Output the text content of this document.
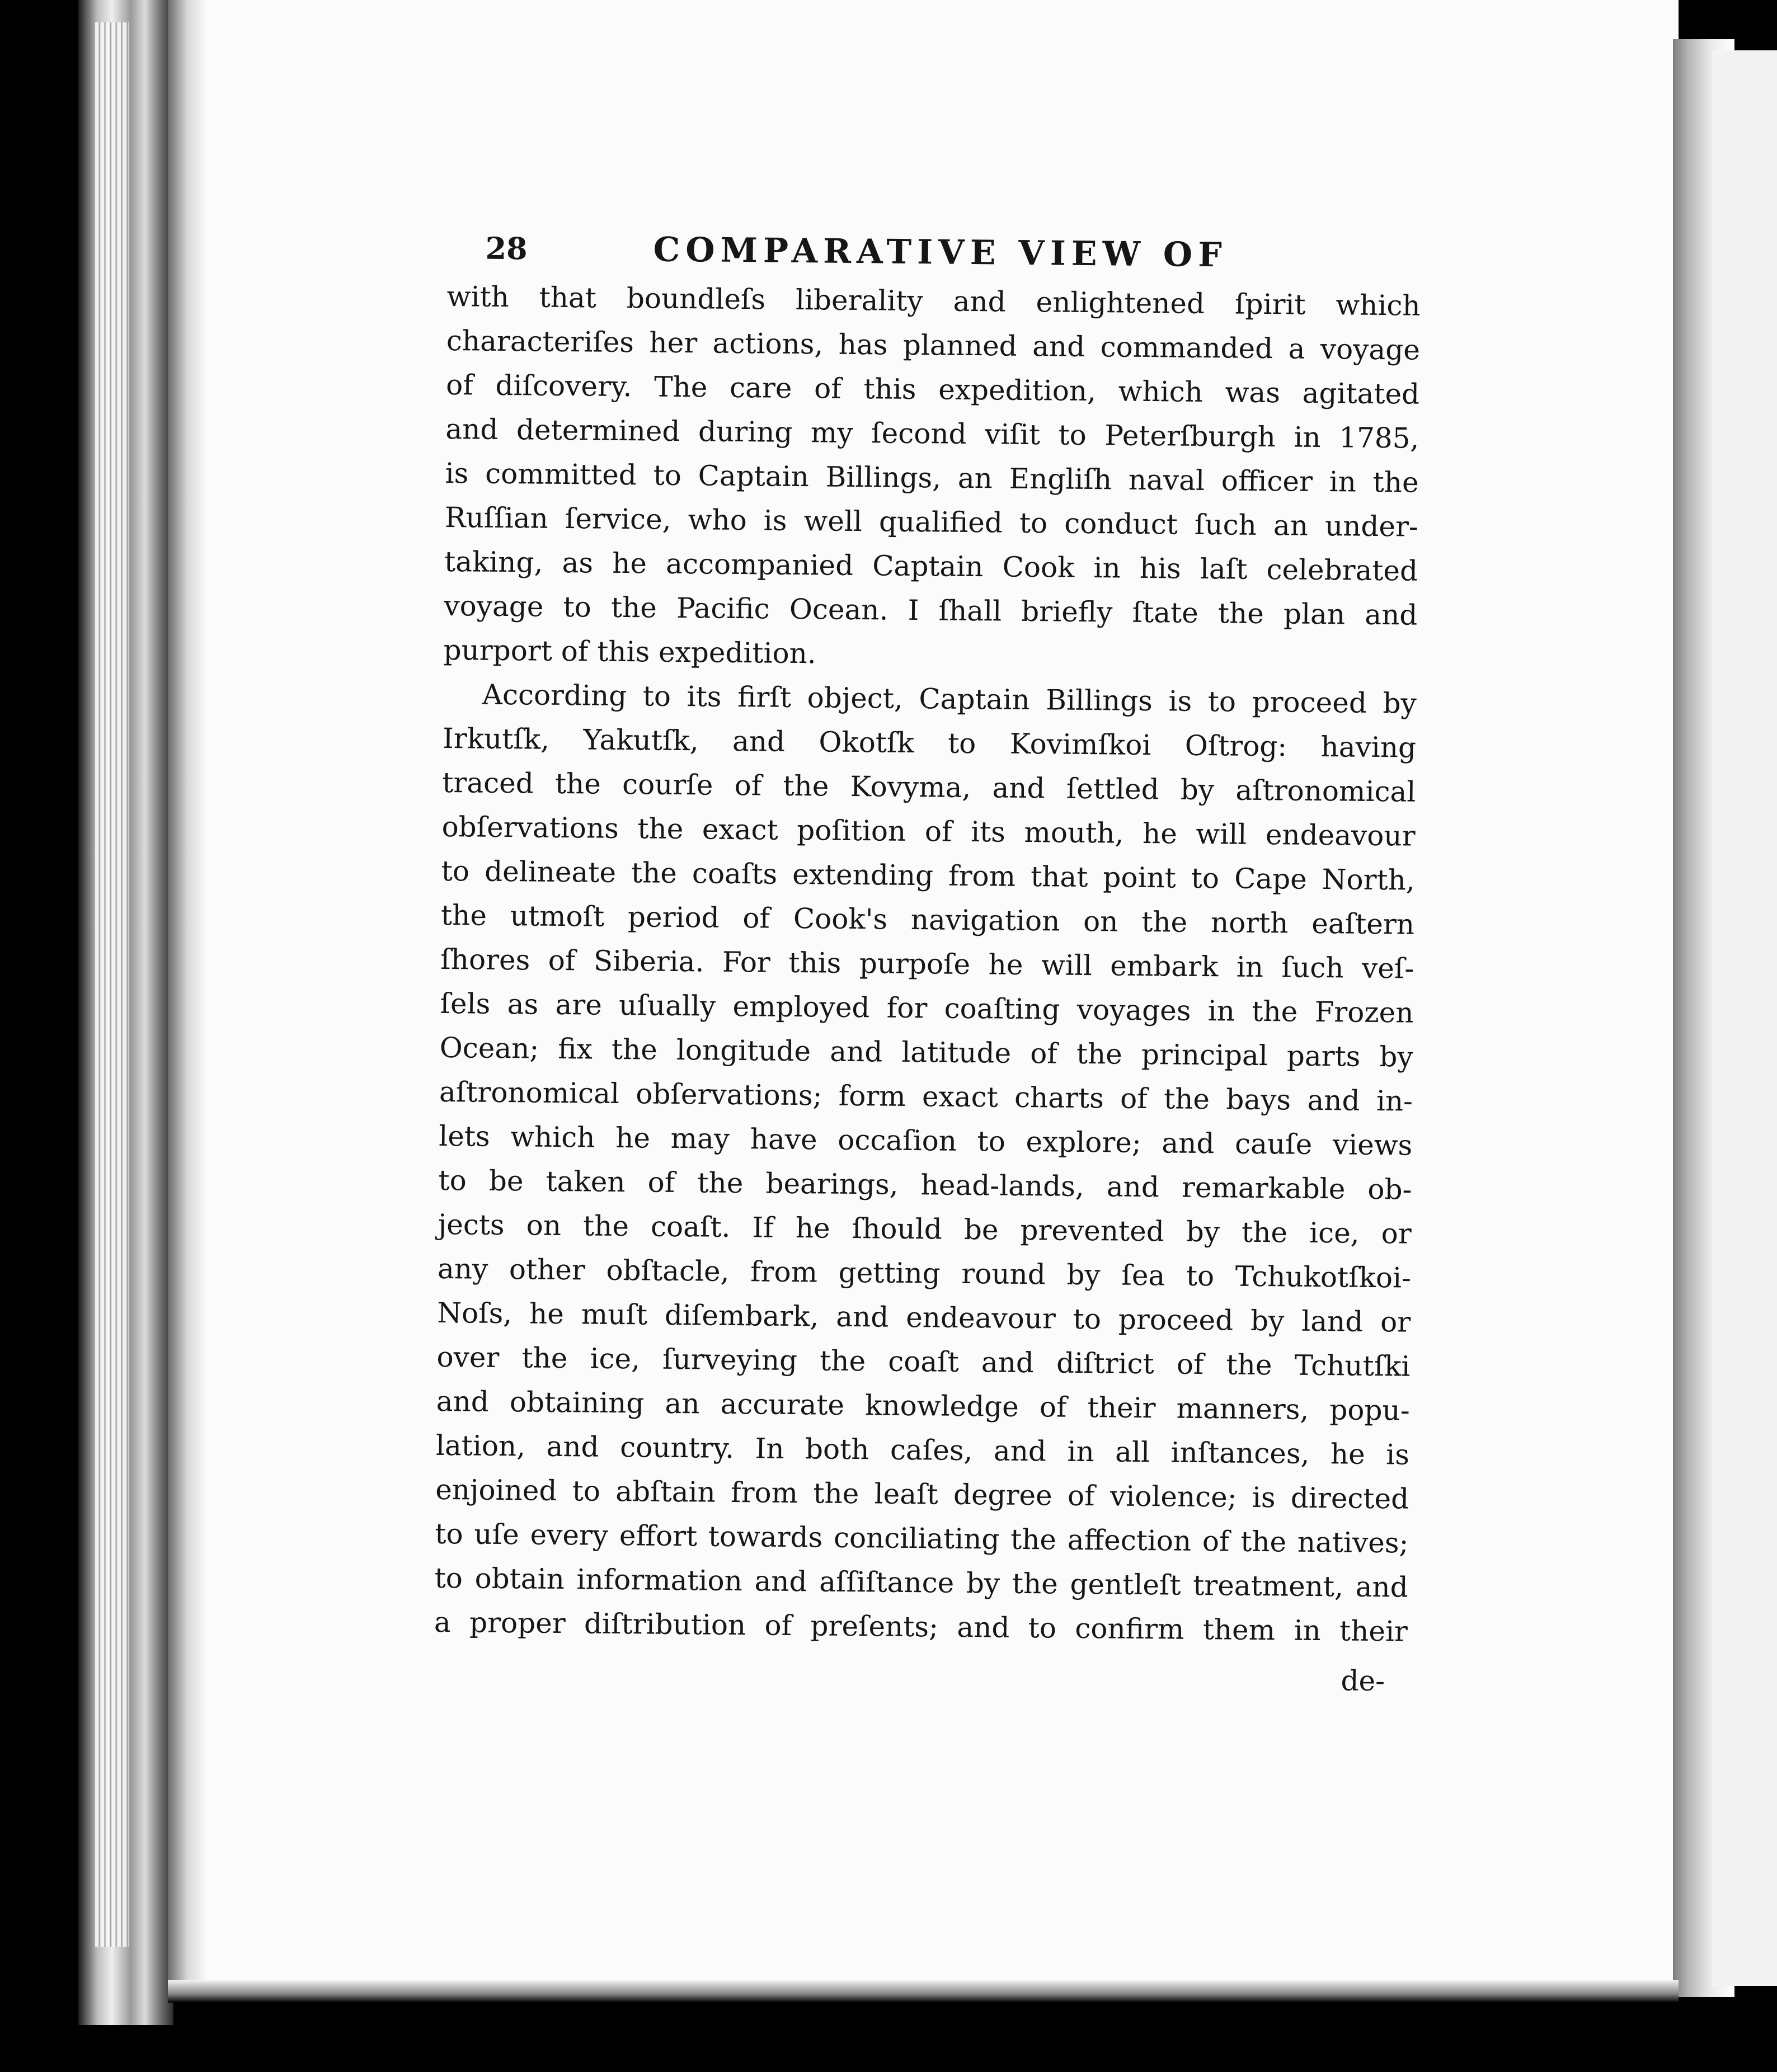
28	COMPARATIVE VIEW OF
with that boundleſs liberality and enlightened ſpirit which
characteriſes her actions, has planned and commanded a voyage
of diſcovery. The care of this expedition, which was agitated
and determined during my ſecond viſit to Peterſburgh in 1785,
is committed to Captain Billings, an Engliſh naval officer in the
Ruſſian ſervice, who is well qualified to conduct ſuch an under-
taking, as he accompanied Captain Cook in his laſt celebrated
voyage to the Pacific Ocean. I ſhall briefly ſtate the plan and
purport of this expedition.
According to its firſt object, Captain Billings is to proceed by
Irkutſk, Yakutſk, and Okotſk to Kovimſkoi Oſtrog: having
traced the courſe of the Kovyma, and ſettled by aſtronomical
obſervations the exact poſition of its mouth, he will endeavour
to delineate the coaſts extending from that point to Cape North,
the utmoſt period of Cook's navigation on the north eaſtern
ſhores of Siberia. For this purpoſe he will embark in ſuch veſ-
ſels as are uſually employed for coaſting voyages in the Frozen
Ocean; fix the longitude and latitude of the principal parts by
aſtronomical obſervations; form exact charts of the bays and in-
lets which he may have occaſion to explore; and cauſe views
to be taken of the bearings, head-lands, and remarkable ob-
jects on the coaſt. If he ſhould be prevented by the ice, or
any other obſtacle, from getting round by ſea to Tchukotſkoi-
Noſs, he muſt diſembark, and endeavour to proceed by land or
over the ice, ſurveying the coaſt and diſtrict of the Tchutſki
and obtaining an accurate knowledge of their manners, popu-
lation, and country. In both caſes, and in all inſtances, he is
enjoined to abſtain from the leaſt degree of violence; is directed
to uſe every effort towards conciliating the affection of the natives;
to obtain information and aſſiſtance by the gentleſt treatment, and
a proper diſtribution of preſents; and to confirm them in their
de-
